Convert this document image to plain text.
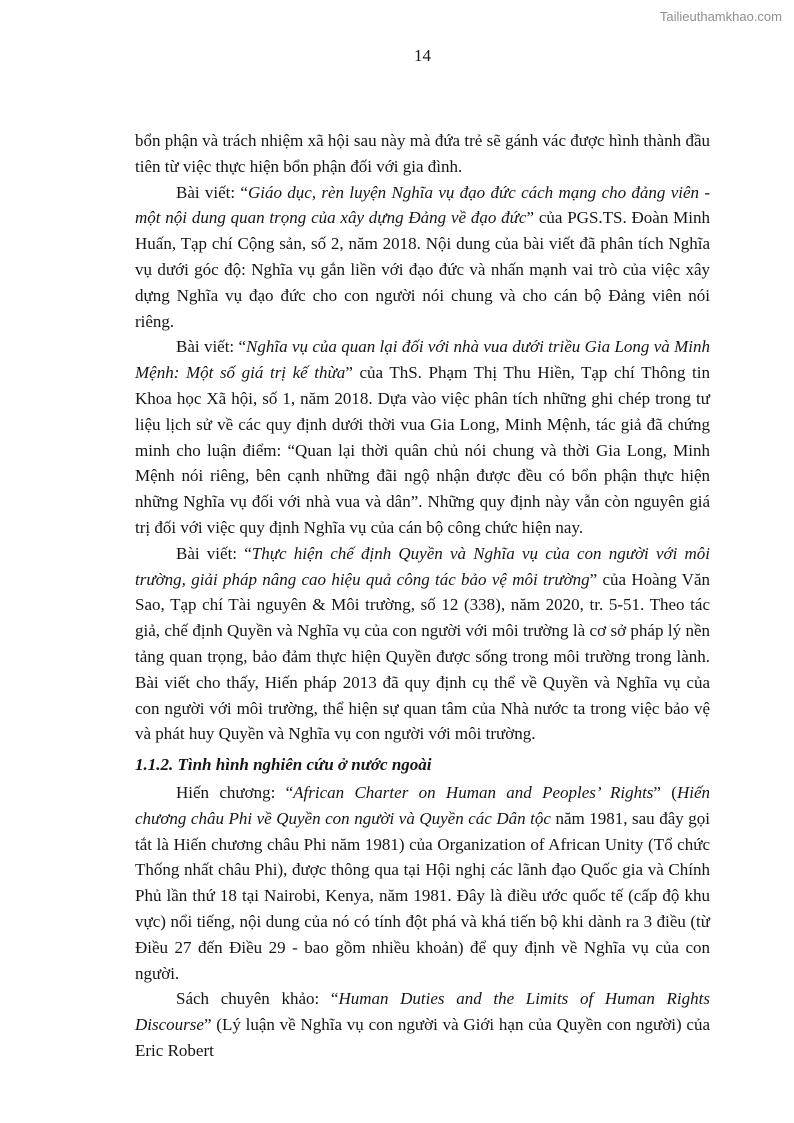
Tailieuthamkhao.com
14

bổn phận và trách nhiệm xã hội sau này mà đứa trẻ sẽ gánh vác được hình thành đầu tiên từ việc thực hiện bổn phận đối với gia đình.

Bài viết: “Giáo dục, rèn luyện Nghĩa vụ đạo đức cách mạng cho đảng viên - một nội dung quan trọng của xây dựng Đảng về đạo đức” của PGS.TS. Đoàn Minh Huấn, Tạp chí Cộng sản, số 2, năm 2018. Nội dung của bài viết đã phân tích Nghĩa vụ dưới góc độ: Nghĩa vụ gắn liền với đạo đức và nhấn mạnh vai trò của việc xây dựng Nghĩa vụ đạo đức cho con người nói chung và cho cán bộ Đảng viên nói riêng.

Bài viết: “Nghĩa vụ của quan lại đối với nhà vua dưới triều Gia Long và Minh Mệnh: Một số giá trị kế thừa” của ThS. Phạm Thị Thu Hiền, Tạp chí Thông tin Khoa học Xã hội, số 1, năm 2018. Dựa vào việc phân tích những ghi chép trong tư liệu lịch sử về các quy định dưới thời vua Gia Long, Minh Mệnh, tác giả đã chứng minh cho luận điểm: “Quan lại thời quân chủ nói chung và thời Gia Long, Minh Mệnh nói riêng, bên cạnh những đãi ngộ nhận được đều có bổn phận thực hiện những Nghĩa vụ đối với nhà vua và dân”. Những quy định này vẫn còn nguyên giá trị đối với việc quy định Nghĩa vụ của cán bộ công chức hiện nay.

Bài viết: “Thực hiện chế định Quyền và Nghĩa vụ của con người với môi trường, giải pháp nâng cao hiệu quả công tác bảo vệ môi trường” của Hoàng Văn Sao, Tạp chí Tài nguyên & Môi trường, số 12 (338), năm 2020, tr. 5-51. Theo tác giả, chế định Quyền và Nghĩa vụ của con người với môi trường là cơ sở pháp lý nền tảng quan trọng, bảo đảm thực hiện Quyền được sống trong môi trường trong lành. Bài viết cho thấy, Hiến pháp 2013 đã quy định cụ thể về Quyền và Nghĩa vụ của con người với môi trường, thể hiện sự quan tâm của Nhà nước ta trong việc bảo vệ và phát huy Quyền và Nghĩa vụ con người với môi trường.

1.1.2. Tình hình nghiên cứu ở nước ngoài

Hiến chương: “African Charter on Human and Peoples’ Rights” (Hiến chương châu Phi về Quyền con người và Quyền các Dân tộc năm 1981, sau đây gọi tắt là Hiến chương châu Phi năm 1981) của Organization of African Unity (Tổ chức Thống nhất châu Phi), được thông qua tại Hội nghị các lãnh đạo Quốc gia và Chính Phủ lần thứ 18 tại Nairobi, Kenya, năm 1981. Đây là điều ước quốc tế (cấp độ khu vực) nổi tiếng, nội dung của nó có tính đột phá và khá tiến bộ khi dành ra 3 điều (từ Điều 27 đến Điều 29 - bao gồm nhiều khoản) để quy định về Nghĩa vụ của con người.

Sách chuyên khảo: “Human Duties and the Limits of Human Rights Discourse” (Lý luận về Nghĩa vụ con người và Giới hạn của Quyền con người) của Eric Robert
